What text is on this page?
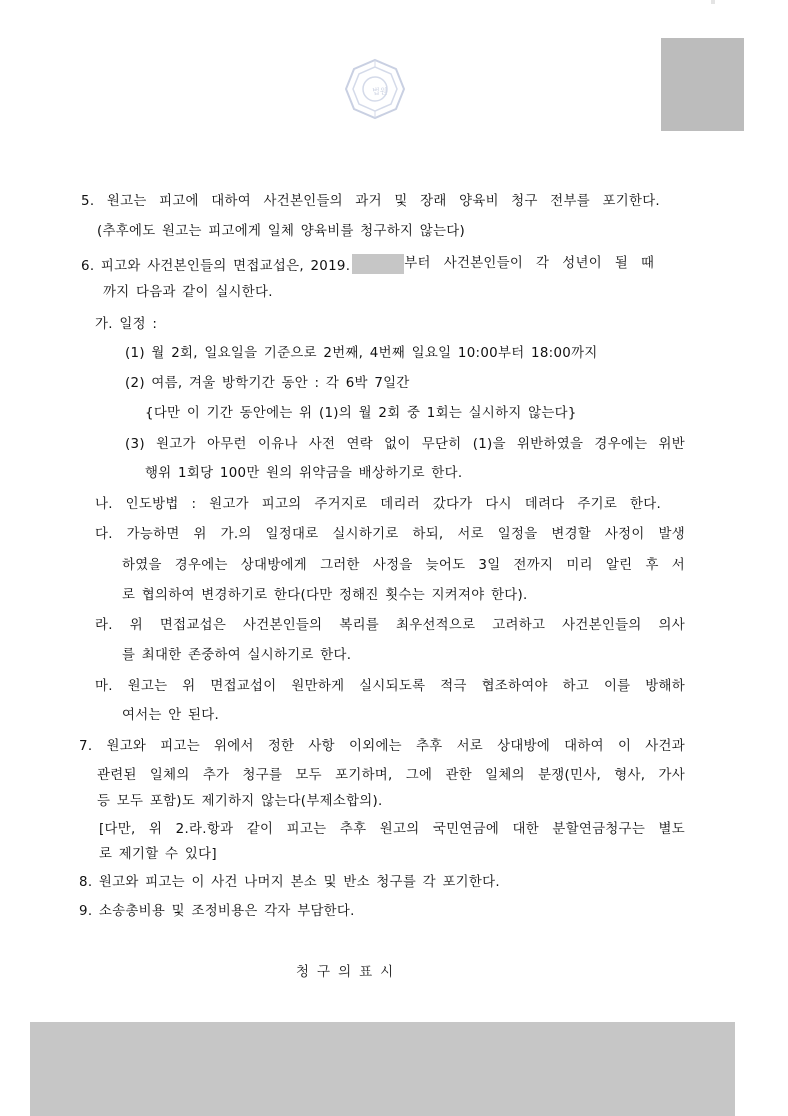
법원
5. 원고는 피고에 대하여 사건본인들의 과거 및 장래 양육비 청구 전부를 포기한다.
(추후에도 원고는 피고에게 일체 양육비를 청구하지 않는다)
6. 피고와 사건본인들의 면접교섭은, 2019.	부터 사건본인들이 각 성년이 될 때
까지 다음과 같이 실시한다.
가. 일정 :
(1) 월 2회, 일요일을 기준으로 2번째, 4번째 일요일 10:00부터 18:00까지
(2) 여름, 겨울 방학기간 동안 : 각 6박 7일간
{다만 이 기간 동안에는 위 (1)의 월 2회 중 1회는 실시하지 않는다}
(3) 원고가 아무런 이유나 사전 연락 없이 무단히 (1)을 위반하였을 경우에는 위반
행위 1회당 100만 원의 위약금을 배상하기로 한다.
나. 인도방법 : 원고가 피고의 주거지로 데리러 갔다가 다시 데려다 주기로 한다.
다. 가능하면 위 가.의 일정대로 실시하기로 하되, 서로 일정을 변경할 사정이 발생
하였을 경우에는 상대방에게 그러한 사정을 늦어도 3일 전까지 미리 알린 후 서
로 협의하여 변경하기로 한다(다만 정해진 횟수는 지켜져야 한다).
라. 위 면접교섭은 사건본인들의 복리를 최우선적으로 고려하고 사건본인들의 의사
를 최대한 존중하여 실시하기로 한다.
마. 원고는 위 면접교섭이 원만하게 실시되도록 적극 협조하여야 하고 이를 방해하
여서는 안 된다.
7. 원고와 피고는 위에서 정한 사항 이외에는 추후 서로 상대방에 대하여 이 사건과
관련된 일체의 추가 청구를 모두 포기하며, 그에 관한 일체의 분쟁(민사, 형사, 가사
등 모두 포함)도 제기하지 않는다(부제소합의).
[다만, 위 2.라.항과 같이 피고는 추후 원고의 국민연금에 대한 분할연금청구는 별도
로 제기할 수 있다]
8. 원고와 피고는 이 사건 나머지 본소 및 반소 청구를 각 포기한다.
9. 소송총비용 및 조정비용은 각자 부담한다.
청구의표시
